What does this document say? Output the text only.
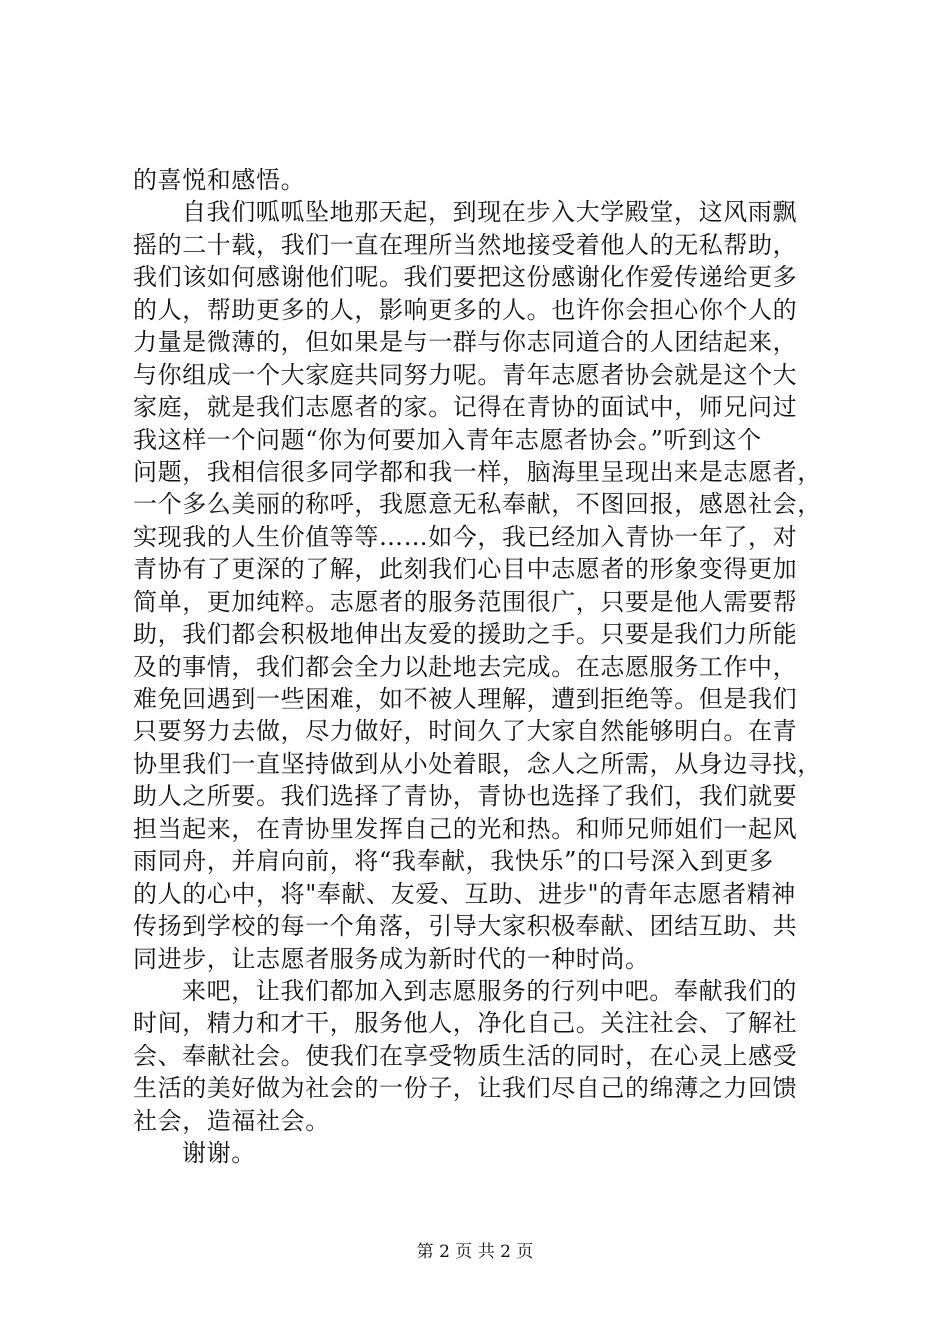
的喜悦和感悟。
自我们呱呱坠地那天起，到现在步入大学殿堂，这风雨飘
摇的二十载，我们一直在理所当然地接受着他人的无私帮助，
我们该如何感谢他们呢。我们要把这份感谢化作爱传递给更多
的人，帮助更多的人，影响更多的人。也许你会担心你个人的
力量是微薄的，但如果是与一群与你志同道合的人团结起来，
与你组成一个大家庭共同努力呢。青年志愿者协会就是这个大
家庭，就是我们志愿者的家。记得在青协的面试中，师兄问过
我这样一个问题“你为何要加入青年志愿者协会。”听到这个
问题，我相信很多同学都和我一样，脑海里呈现出来是志愿者，
一个多么美丽的称呼，我愿意无私奉献，不图回报，感恩社会，
实现我的人生价值等等……如今，我已经加入青协一年了，对
青协有了更深的了解，此刻我们心目中志愿者的形象变得更加
简单，更加纯粹。志愿者的服务范围很广，只要是他人需要帮
助，我们都会积极地伸出友爱的援助之手。只要是我们力所能
及的事情，我们都会全力以赴地去完成。在志愿服务工作中，
难免回遇到一些困难，如不被人理解，遭到拒绝等。但是我们
只要努力去做，尽力做好，时间久了大家自然能够明白。在青
协里我们一直坚持做到从小处着眼，念人之所需，从身边寻找，
助人之所要。我们选择了青协，青协也选择了我们，我们就要
担当起来，在青协里发挥自己的光和热。和师兄师姐们一起风
雨同舟，并肩向前，将“我奉献，我快乐”的口号深入到更多
的人的心中，将"奉献、友爱、互助、进步"的青年志愿者精神
传扬到学校的每一个角落，引导大家积极奉献、团结互助、共
同进步，让志愿者服务成为新时代的一种时尚。
来吧，让我们都加入到志愿服务的行列中吧。奉献我们的
时间，精力和才干，服务他人，净化自己。关注社会、了解社
会、奉献社会。使我们在享受物质生活的同时，在心灵上感受
生活的美好做为社会的一份子，让我们尽自己的绵薄之力回馈
社会，造福社会。
谢谢。
第 2 页 共 2 页
